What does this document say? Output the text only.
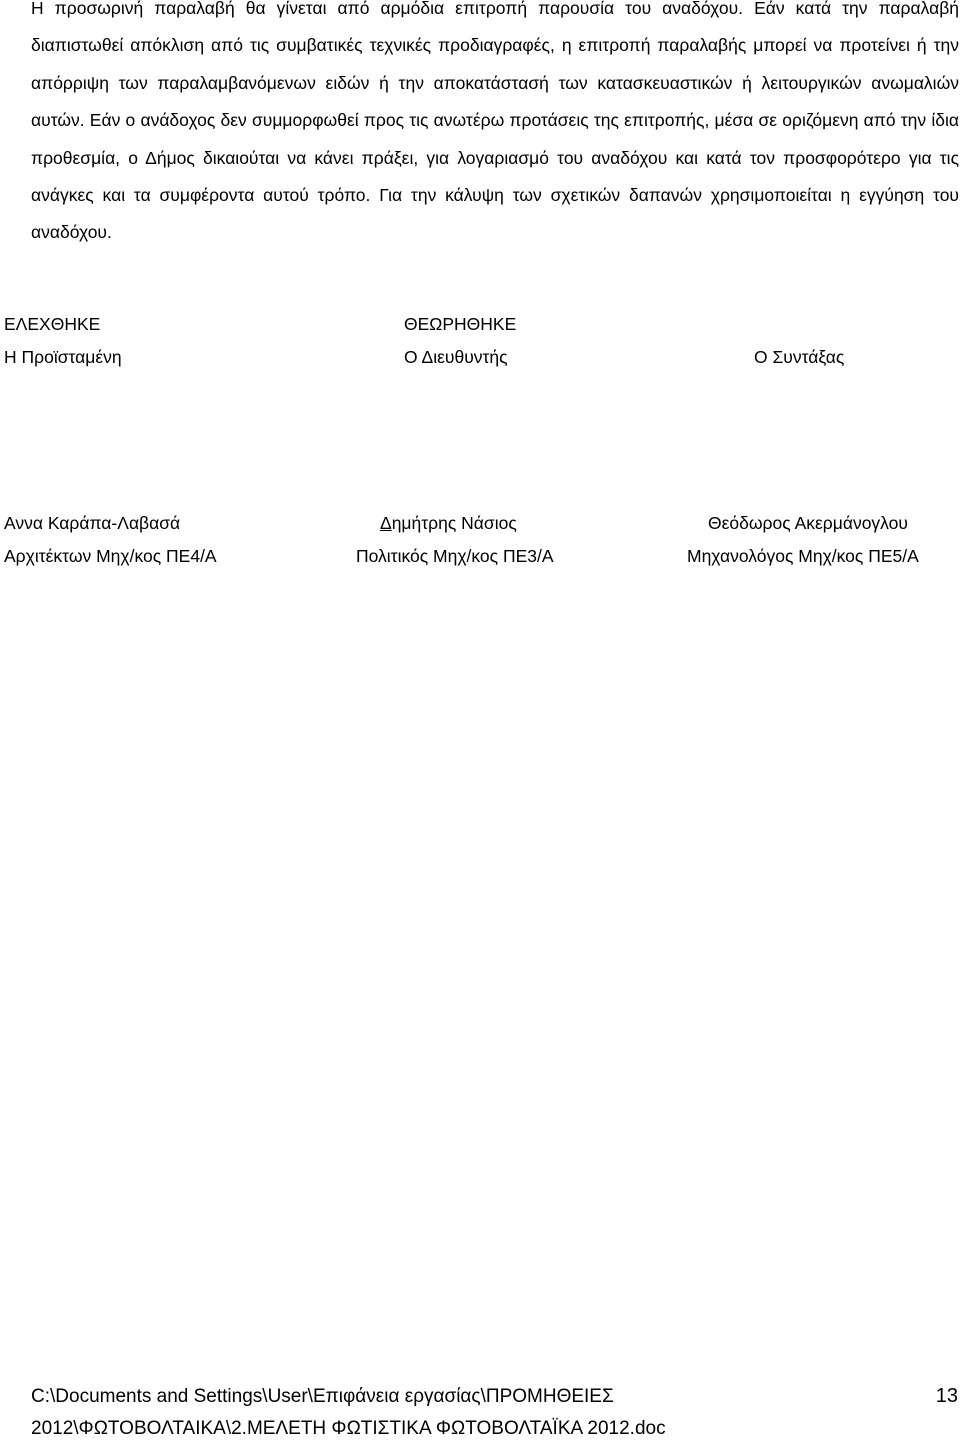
Η προσωρινή παραλαβή θα γίνεται από αρμόδια επιτροπή παρουσία του αναδόχου. Εάν κατά την παραλαβή διαπιστωθεί απόκλιση από τις συμβατικές τεχνικές προδιαγραφές, η επιτροπή παραλαβής μπορεί να προτείνει ή την απόρριψη των παραλαμβανόμενων ειδών ή την αποκατάστασή των κατασκευαστικών ή λειτουργικών ανωμαλιών αυτών. Εάν ο ανάδοχος δεν συμμορφωθεί προς τις ανωτέρω προτάσεις της επιτροπής, μέσα σε οριζόμενη από την ίδια προθεσμία, ο Δήμος δικαιούται να κάνει πράξει, για λογαριασμό του αναδόχου και κατά τον προσφορότερο για τις ανάγκες και τα συμφέροντα αυτού τρόπο. Για την κάλυψη των σχετικών δαπανών χρησιμοποιείται η εγγύηση του αναδόχου.

ΕΛΕΧΘΗΚΕ	ΘΕΩΡΗΘΗΚΕ
Η Προϊσταμένη	Ο Διευθυντής	Ο Συντάξας
Αννα Καράπα-Λαβασά	Δημήτρης Νάσιος	Θεόδωρος Ακερμάνογλου
Αρχιτέκτων Μηχ/κος ΠΕ4/Α	Πολιτικός Μηχ/κος ΠΕ3/Α	Μηχανολόγος Μηχ/κος ΠΕ5/Α

C:\Documents and Settings\User\Επιφάνεια εργασίας\ΠΡΟΜΗΘΕΙΕΣ 2012\ΦΩΤΟΒΟΛΤΑΙΚΑ\2.ΜΕΛΕΤΗ ΦΩΤΙΣΤΙΚΑ ΦΩΤΟΒΟΛΤΑΪΚΑ 2012.doc

13
